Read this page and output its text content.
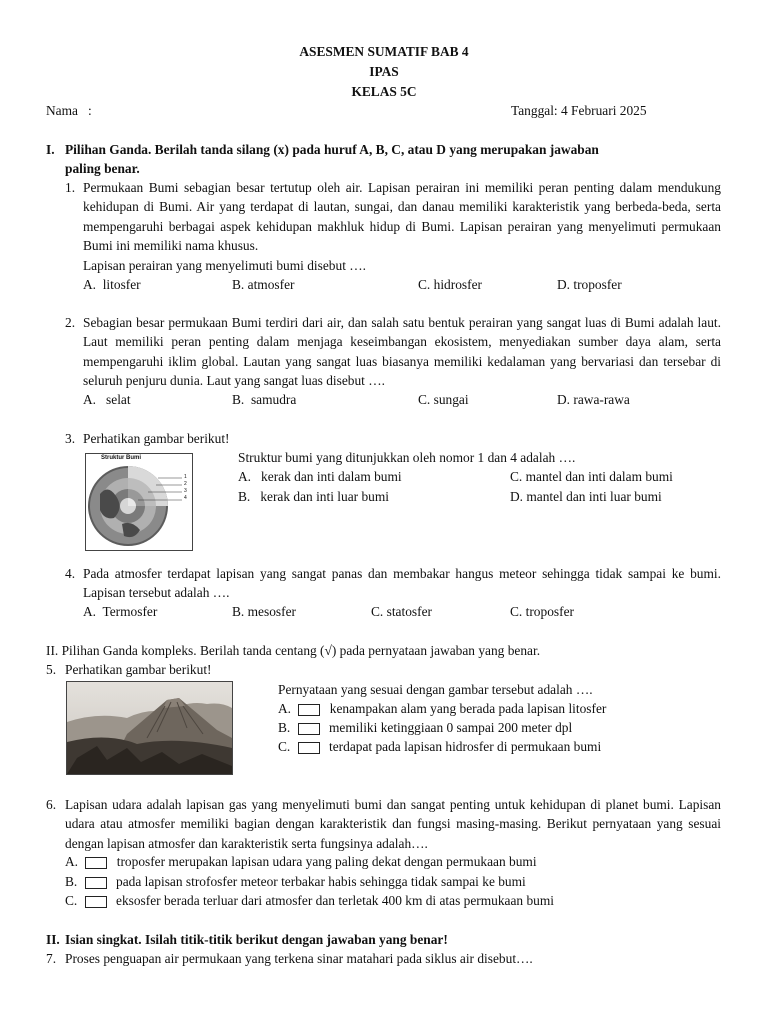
ASESMEN SUMATIF BAB 4
IPAS
KELAS 5C
Nama   :	Tanggal: 4 Februari 2025
I. Pilihan Ganda. Berilah tanda silang (x) pada huruf A, B, C, atau D yang merupakan jawaban
paling benar.
1. Permukaan Bumi sebagian besar tertutup oleh air. Lapisan perairan ini memiliki peran penting dalam mendukung kehidupan di Bumi. Air yang terdapat di lautan, sungai, dan danau memiliki karakteristik yang berbeda-beda, serta mempengaruhi berbagai aspek kehidupan makhluk hidup di Bumi. Lapisan perairan yang menyelimuti permukaan Bumi ini memiliki nama khusus.
Lapisan perairan yang menyelimuti bumi disebut ….
A.  litosfer	B. atmosfer	C. hidrosfer	D. troposfer
2. Sebagian besar permukaan Bumi terdiri dari air, dan salah satu bentuk perairan yang sangat luas di Bumi adalah laut. Laut memiliki peran penting dalam menjaga keseimbangan ekosistem, menyediakan sumber daya alam, serta mempengaruhi iklim global. Lautan yang sangat luas biasanya memiliki kedalaman yang bervariasi dan tersebar di seluruh penjuru dunia. Laut yang sangat luas disebut ….
A.   selat	B.  samudra	C. sungai	D. rawa-rawa
3. Perhatikan gambar berikut!
Struktur Bumi
1
2
3
4
Struktur bumi yang ditunjukkan oleh nomor 1 dan 4 adalah ….
A.   kerak dan inti dalam bumi	C. mantel dan inti dalam bumi
B.   kerak dan inti luar bumi	D. mantel dan inti luar bumi
4. Pada atmosfer terdapat lapisan yang sangat panas dan membakar hangus meteor sehingga tidak sampai ke bumi. Lapisan tersebut adalah ….
A.  Termosfer	B. mesosfer	C. statosfer	C. troposfer
II. Pilihan Ganda kompleks. Berilah tanda centang (√) pada pernyataan jawaban yang benar.
5. Perhatikan gambar berikut!
Pernyataan yang sesuai dengan gambar tersebut adalah ….
A.	kenampakan alam yang berada pada lapisan litosfer
B.	memiliki ketinggiaan 0 sampai 200 meter dpl
C.	terdapat pada lapisan hidrosfer di permukaan bumi
6. Lapisan udara adalah lapisan gas yang menyelimuti bumi dan sangat penting untuk kehidupan di planet bumi. Lapisan udara atau atmosfer memiliki bagian dengan karakteristik dan fungsi masing-masing. Berikut pernyataan yang sesuai dengan lapisan atmosfer dan karakteristik serta fungsinya adalah….
A.	troposfer merupakan lapisan udara yang paling dekat dengan permukaan bumi
B.	pada lapisan strofosfer meteor terbakar habis sehingga tidak sampai ke bumi
C.	eksosfer berada terluar dari atmosfer dan terletak 400 km di atas permukaan bumi
II. Isian singkat. Isilah titik-titik berikut dengan jawaban yang benar!
7. Proses penguapan air permukaan yang terkena sinar matahari pada siklus air disebut….
